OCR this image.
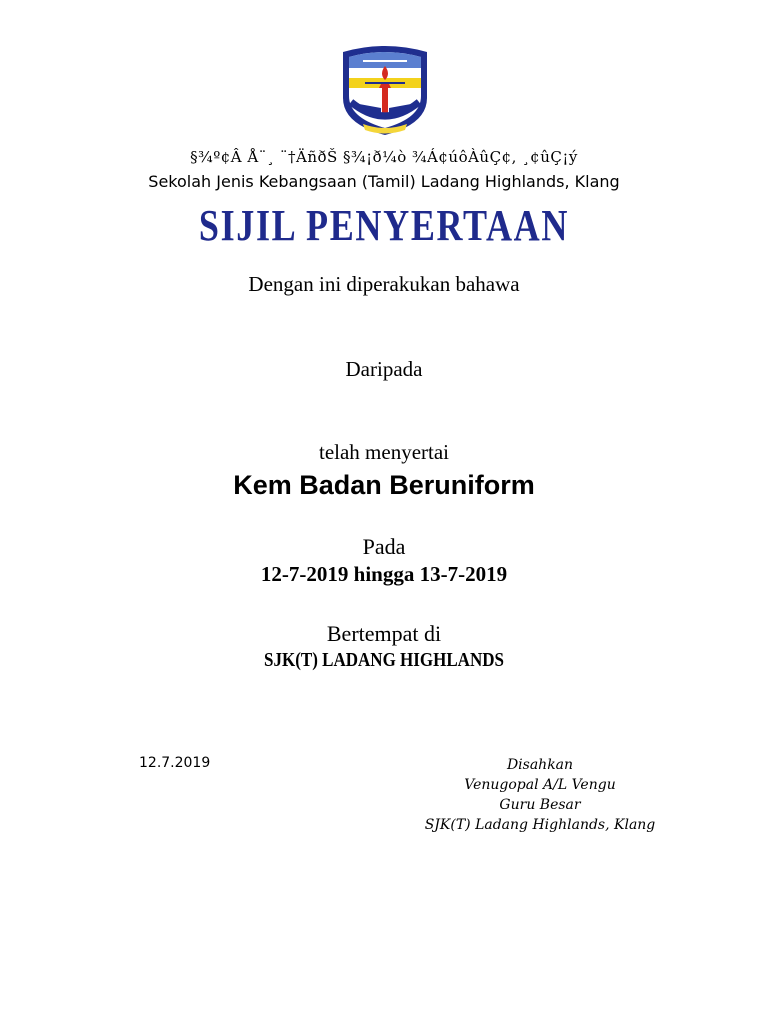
§¾º¢Â Å¨¸ ¨†ÄñðŠ §¾¡ð¼ò ¾Á¢úôÀûÇ¢, ¸¢ûÇ¡ý
Sekolah Jenis Kebangsaan (Tamil) Ladang Highlands, Klang
SIJIL PENYERTAAN
Dengan ini diperakukan bahawa
Daripada
telah menyertai
Kem Badan Beruniform
Pada
12-7-2019 hingga 13-7-2019
Bertempat di
SJK(T) LADANG HIGHLANDS
12.7.2019	Disahkan
Venugopal A/L Vengu
Guru Besar
SJK(T) Ladang Highlands, Klang
